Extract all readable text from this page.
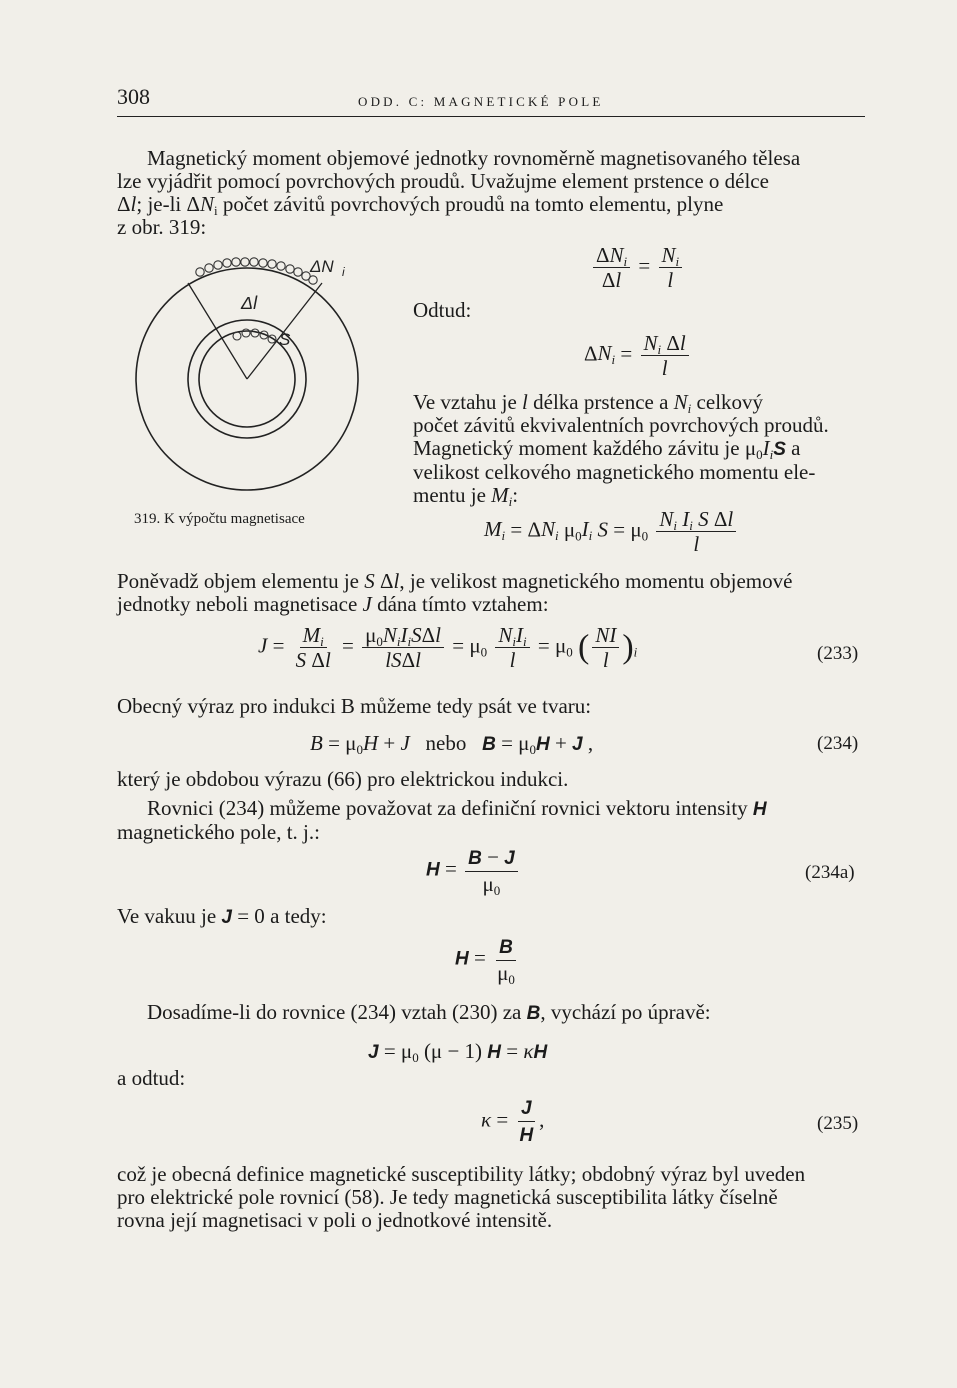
308	ODD. C: MAGNETICKÉ POLE
Magnetický moment objemové jednotky rovnoměrně magnetisovaného tělesa
lze vyjádřit pomocí povrchových proudů. Uvažujme element prstence o délce
Δl; je-li $\Delta N_i$ počet závitů povrchových proudů na tomto elementu, plyne
z obr. 319:
Δl
ΔN i
S
319. K výpočtu magnetisace
$\frac{\Delta N_i}{\Delta l} = \frac{N_i}{l}$
Odtud:
$\Delta N_i = \frac{N_i \Delta l}{l}$
Ve vztahu je l délka prstence a $N_i$ celkový
počet závitů ekvivalentních povrchových proudů.
Magnetický moment každého závitu je $\mu_0I_iS$ a
velikost celkového magnetického momentu ele-
mentu je $M_i$:
$M_i = \Delta N_i$ $\mu_0I_i$ $S = \mu_0 \frac{N_i I_i S \Delta l}{l}$
Poněvadž objem elementu je S Δl, je velikost magnetického momentu objemové
jednotky neboli magnetisace J dána tímto vztahem:
$J = \frac{M_i}{\text{S Δl}} = \frac{\mu_0N_iI_iS\Delta l}{\text{lSΔl}} = \mu_0 \frac{N_iI_i}{l} = \mu_0$ ( $\frac{NI}{l} )_i$	(233)
Obecný výraz pro indukci B můžeme tedy psát ve tvaru:
$B = \mu_0H + J$ nebo $B = \mu_0H + J$ ,	(234)
který je obdobou výrazu (66) pro elektrickou indukci.
Rovnici (234) můžeme považovat za definiční rovnici vektoru intensity H
magnetického pole, t. j.:
$H = \frac{B - J}{\mu_0}$	(234a)
Ve vakuu je J = 0 a tedy:
$H = \frac{B}{\mu_0}$
Dosadíme-li do rovnice (234) vztah (230) za B, vychází po úpravě:
$J = \mu_0$ (μ − 1) H = κH
a odtud:
$\kappa = \frac{J}{H}$ ,	(235)
což je obecná definice magnetické susceptibility látky; obdobný výraz byl uveden
pro elektrické pole rovnicí (58). Je tedy magnetická susceptibilita látky číselně
rovna její magnetisaci v poli o jednotkové intensitě.
